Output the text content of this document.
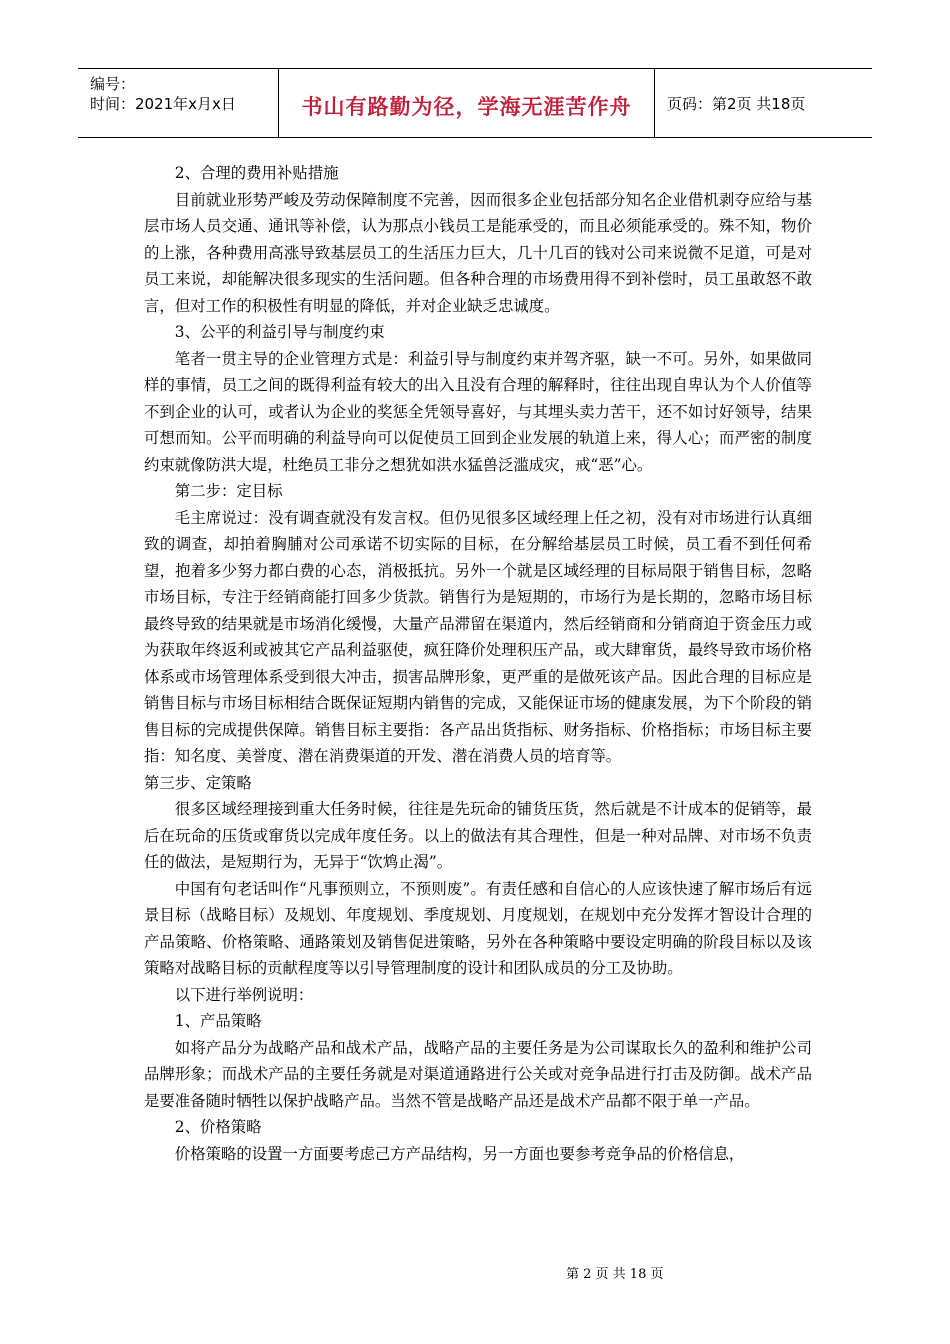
编号：
时间：2021年x月x日	书山有路勤为径，学海无涯苦作舟	页码：第2页 共18页

2、合理的费用补贴措施

目前就业形势严峻及劳动保障制度不完善，因而很多企业包括部分知名企业借机剥夺应给与基层市场人员交通、通讯等补偿，认为那点小钱员工是能承受的，而且必须能承受的。殊不知，物价的上涨，各种费用高涨导致基层员工的生活压力巨大，几十几百的钱对公司来说微不足道，可是对员工来说，却能解决很多现实的生活问题。但各种合理的市场费用得不到补偿时，员工虽敢怒不敢言，但对工作的积极性有明显的降低，并对企业缺乏忠诚度。

3、公平的利益引导与制度约束

笔者一贯主导的企业管理方式是：利益引导与制度约束并驾齐驱，缺一不可。另外，如果做同样的事情，员工之间的既得利益有较大的出入且没有合理的解释时，往往出现自卑认为个人价值等不到企业的认可，或者认为企业的奖惩全凭领导喜好，与其埋头卖力苦干，还不如讨好领导，结果可想而知。公平而明确的利益导向可以促使员工回到企业发展的轨道上来，得人心；而严密的制度约束就像防洪大堤，杜绝员工非分之想犹如洪水猛兽泛滥成灾，戒“恶”心。

第二步：定目标

毛主席说过：没有调查就没有发言权。但仍见很多区域经理上任之初，没有对市场进行认真细致的调查，却拍着胸脯对公司承诺不切实际的目标，在分解给基层员工时候，员工看不到任何希望，抱着多少努力都白费的心态，消极抵抗。另外一个就是区域经理的目标局限于销售目标，忽略市场目标，专注于经销商能打回多少货款。销售行为是短期的，市场行为是长期的，忽略市场目标最终导致的结果就是市场消化缓慢，大量产品滞留在渠道内，然后经销商和分销商迫于资金压力或为获取年终返利或被其它产品利益驱使，疯狂降价处理积压产品，或大肆窜货，最终导致市场价格体系或市场管理体系受到很大冲击，损害品牌形象，更严重的是做死该产品。因此合理的目标应是销售目标与市场目标相结合既保证短期内销售的完成，又能保证市场的健康发展，为下个阶段的销售目标的完成提供保障。销售目标主要指：各产品出货指标、财务指标、价格指标；市场目标主要指：知名度、美誉度、潜在消费渠道的开发、潜在消费人员的培育等。

第三步、定策略

很多区域经理接到重大任务时候，往往是先玩命的铺货压货，然后就是不计成本的促销等，最后在玩命的压货或窜货以完成年度任务。以上的做法有其合理性，但是一种对品牌、对市场不负责任的做法，是短期行为，无异于“饮鸩止渴”。

中国有句老话叫作“凡事预则立，不预则废”。有责任感和自信心的人应该快速了解市场后有远景目标（战略目标）及规划、年度规划、季度规划、月度规划，在规划中充分发挥才智设计合理的产品策略、价格策略、通路策划及销售促进策略，另外在各种策略中要设定明确的阶段目标以及该策略对战略目标的贡献程度等以引导管理制度的设计和团队成员的分工及协助。

以下进行举例说明：

1、产品策略

如将产品分为战略产品和战术产品，战略产品的主要任务是为公司谋取长久的盈利和维护公司品牌形象；而战术产品的主要任务就是对渠道通路进行公关或对竞争品进行打击及防御。战术产品是要准备随时牺牲以保护战略产品。当然不管是战略产品还是战术产品都不限于单一产品。

2、价格策略

价格策略的设置一方面要考虑己方产品结构，另一方面也要参考竞争品的价格信息，

第 2 页 共 18 页
